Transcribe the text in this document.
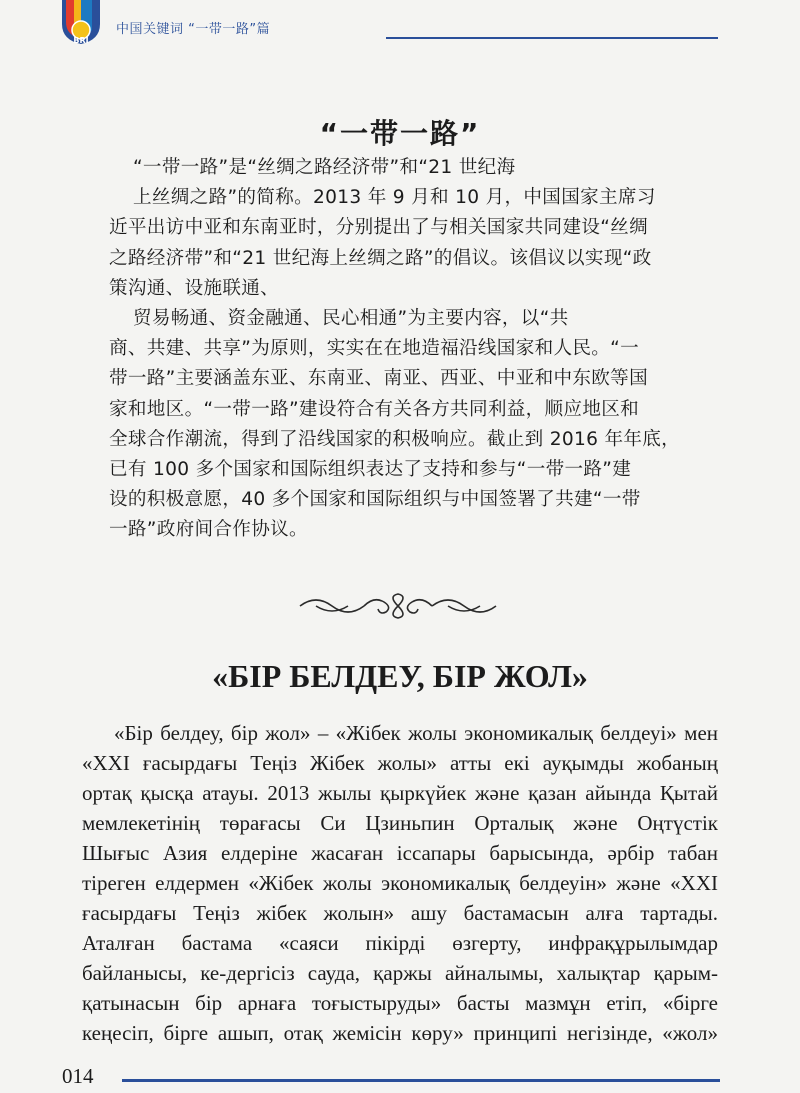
BRI
中国关键词 “一带一路”篇
“一带一路”
“一带一路”是“丝绸之路经济带”和“21 世纪海
上丝绸之路”的简称。2013 年 9 月和 10 月，中国国家主席习
近平出访中亚和东南亚时，分别提出了与相关国家共同建设“丝绸
之路经济带”和“21 世纪海上丝绸之路”的倡议。该倡议以实现“政
策沟通、设施联通、
贸易畅通、资金融通、民心相通”为主要内容，以“共
商、共建、共享”为原则，实实在在地造福沿线国家和人民。“一
带一路”主要涵盖东亚、东南亚、南亚、西亚、中亚和中东欧等国
家和地区。“一带一路”建设符合有关各方共同利益，顺应地区和
全球合作潮流，得到了沿线国家的积极响应。截止到 2016 年年底，
已有 100 多个国家和国际组织表达了支持和参与“一带一路”建
设的积极意愿，40 多个国家和国际组织与中国签署了共建“一带
一路”政府间合作协议。
«БІР БЕЛДЕУ, БІР ЖОЛ»
«Бір белдеу, бір жол» – «Жібек жолы экономикалық белдеуі» мен
«XXI ғасырдағы Теңіз Жібек жолы» атты екі ауқымды жобаның
ортақ қысқа атауы. 2013 жылы қыркүйек және қазан айында Қытай
мемлекетінің төрағасы Си Цзиньпин Орталық және Оңтүстік
Шығыс Азия елдеріне жасаған іссапары барысында, әрбір табан
тіреген елдермен «Жібек жолы экономикалық белдеуін» және «XXI
ғасырдағы Теңіз жібек жолын» ашу бастамасын алға тартады.
Аталған бастама «саяси пікірді өзгерту, инфрақұрылымдар
байланысы, ке-дергісіз сауда, қаржы айналымы, халықтар қарым-
қатынасын бір арнаға тоғыстыруды» басты мазмұн етіп, «бірге
кеңесіп, бірге ашып, отақ жемісін көру» принципі негізінде, «жол»
014
